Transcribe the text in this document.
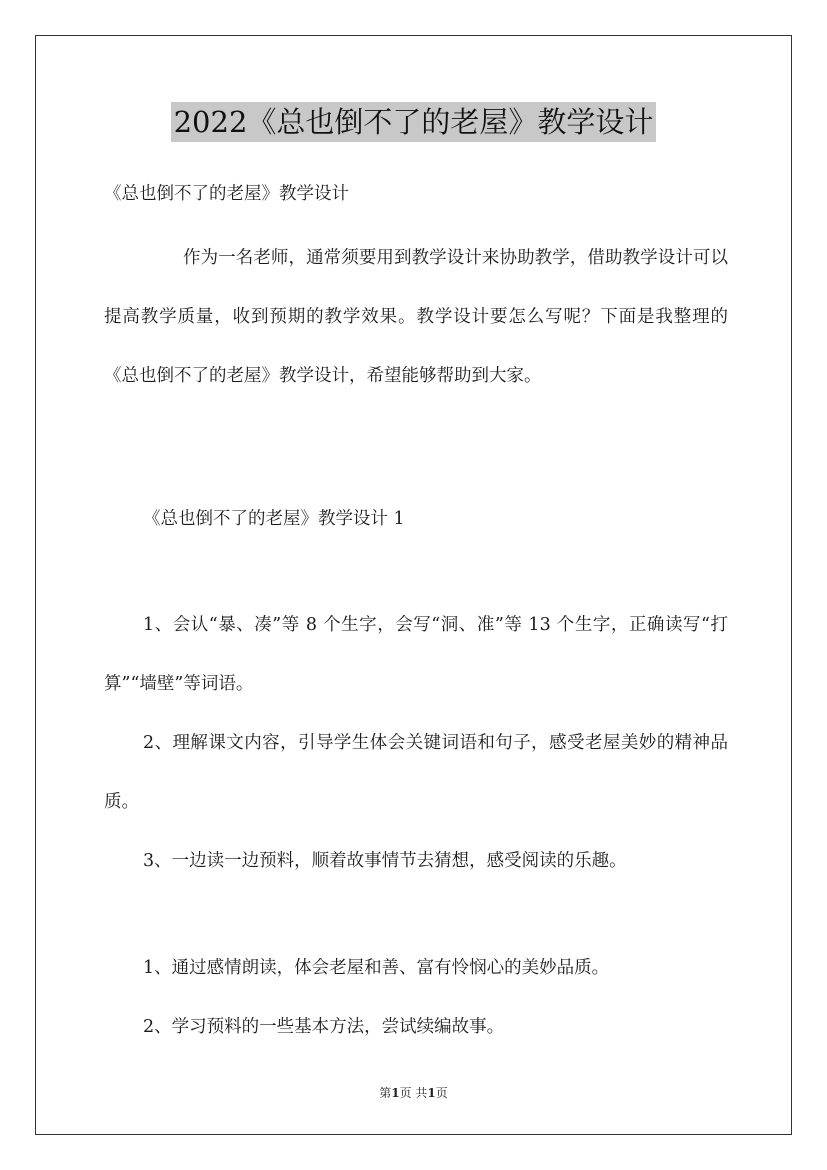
2022《总也倒不了的老屋》教学设计
《总也倒不了的老屋》教学设计

作为一名老师，通常须要用到教学设计来协助教学，借助教学设计可以提高教学质量，收到预期的教学效果。教学设计要怎么写呢？下面是我整理的《总也倒不了的老屋》教学设计，希望能够帮助到大家。

《总也倒不了的老屋》教学设计 1

1、会认“暴、凑”等 8 个生字，会写“洞、准”等 13 个生字，正确读写“打算”“墙壁”等词语。

2、理解课文内容，引导学生体会关键词语和句子，感受老屋美妙的精神品质。

3、一边读一边预料，顺着故事情节去猜想，感受阅读的乐趣。

1、通过感情朗读，体会老屋和善、富有怜悯心的美妙品质。

2、学习预料的一些基本方法，尝试续编故事。

第1页 共1页
